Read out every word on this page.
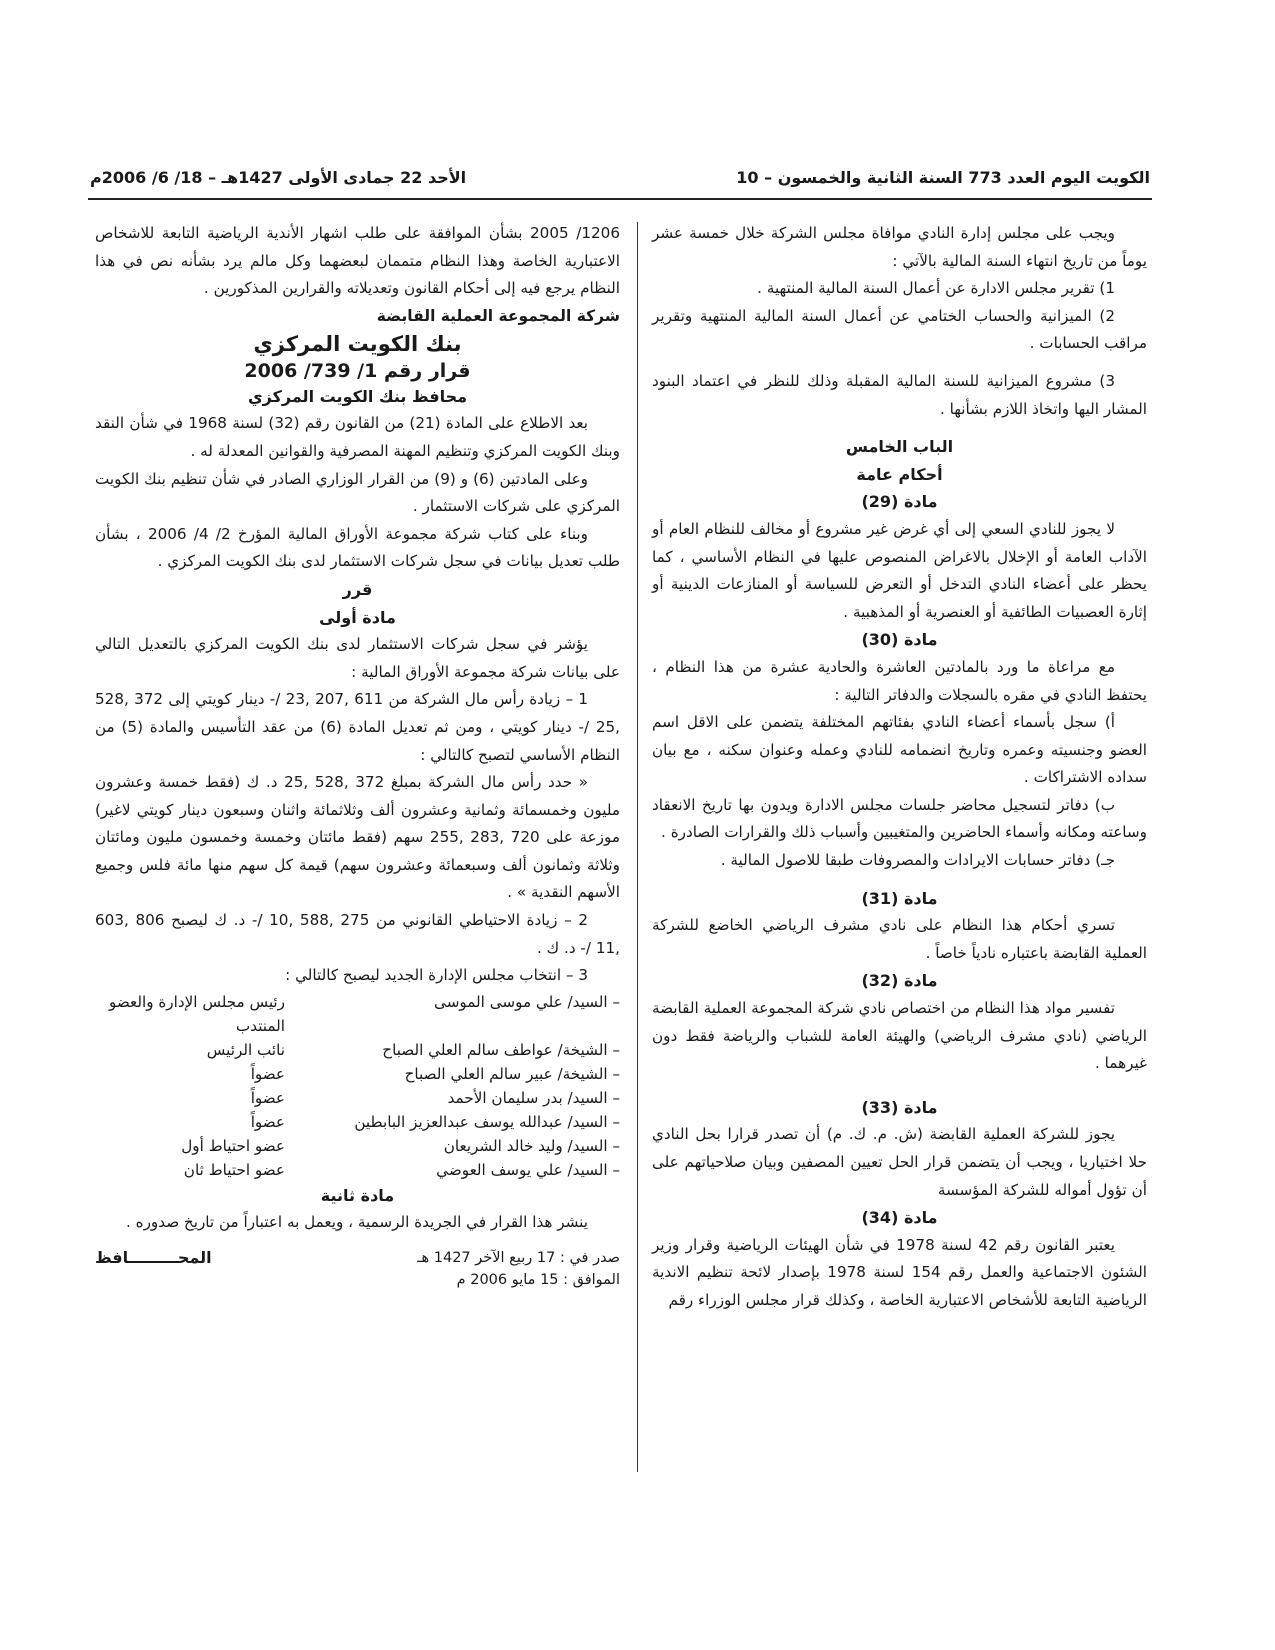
الكويت اليوم العدد 773 السنة الثانية والخمسون – 10
الأحد 22 جمادى الأولى 1427هـ – 18/ 6/ 2006م

ويجب على مجلس إدارة النادي موافاة مجلس الشركة خلال خمسة عشر يوماً من تاريخ انتهاء السنة المالية بالآتي :

1) تقرير مجلس الادارة عن أعمال السنة المالية المنتهية .

2) الميزانية والحساب الختامي عن أعمال السنة المالية المنتهية وتقرير مراقب الحسابات .

3) مشروع الميزانية للسنة المالية المقبلة وذلك للنظر في اعتماد البنود المشار اليها واتخاذ اللازم بشأنها .

الباب الخامس

أحكام عامة

مادة (29)

لا يجوز للنادي السعي إلى أي غرض غير مشروع أو مخالف للنظام العام أو الآداب العامة أو الإخلال بالاغراض المنصوص عليها في النظام الأساسي ، كما يحظر على أعضاء النادي التدخل أو التعرض للسياسة أو المنازعات الدينية أو إثارة العصبيات الطائفية أو العنصرية أو المذهبية .

مادة (30)

مع مراعاة ما ورد بالمادتين العاشرة والحادية عشرة من هذا النظام ، يحتفظ النادي في مقره بالسجلات والدفاتر التالية :

أ) سجل بأسماء أعضاء النادي بفئاتهم المختلفة يتضمن على الاقل اسم العضو وجنسيته وعمره وتاريخ انضمامه للنادي وعمله وعنوان سكنه ، مع بيان سداده الاشتراكات .

ب) دفاتر لتسجيل محاضر جلسات مجلس الادارة ويدون بها تاريخ الانعقاد وساعته ومكانه وأسماء الحاضرين والمتغيبين وأسباب ذلك والقرارات الصادرة .

جـ) دفاتر حسابات الايرادات والمصروفات طبقا للاصول المالية .

مادة (31)

تسري أحكام هذا النظام على نادي مشرف الرياضي الخاضع للشركة العملية القابضة باعتباره نادياً خاصاً .

مادة (32)

تفسير مواد هذا النظام من اختصاص نادي شركة المجموعة العملية القابضة الرياضي (نادي مشرف الرياضي) والهيئة العامة للشباب والرياضة فقط دون غيرهما .

مادة (33)

يجوز للشركة العملية القابضة (ش. م. ك. م) أن تصدر قرارا بحل النادي حلا اختياريا ، ويجب أن يتضمن قرار الحل تعيين المصفين وبيان صلاحياتهم على أن تؤول أمواله للشركة المؤسسة

مادة (34)

يعتبر القانون رقم 42 لسنة 1978 في شأن الهيئات الرياضية وقرار وزير الشئون الاجتماعية والعمل رقم 154 لسنة 1978 بإصدار لائحة تنظيم الاندية الرياضية التابعة للأشخاص الاعتبارية الخاصة ، وكذلك قرار مجلس الوزراء رقم

1206/ 2005 بشأن الموافقة على طلب اشهار الأندية الرياضية التابعة للاشخاص الاعتبارية الخاصة وهذا النظام متممان لبعضهما وكل مالم يرد بشأنه نص في هذا النظام يرجع فيه إلى أحكام القانون وتعديلاته والقرارين المذكورين .

شركة المجموعة العملية القابضة

بنك الكويت المركزي

قرار رقم 1/ 739/ 2006

محافظ بنك الكويت المركزي

بعد الاطلاع على المادة (21) من القانون رقم (32) لسنة 1968 في شأن النقد وبنك الكويت المركزي وتنظيم المهنة المصرفية والقوانين المعدلة له .

وعلى المادتين (6) و (9) من القرار الوزاري الصادر في شأن تنظيم بنك الكويت المركزي على شركات الاستثمار .

وبناء على كتاب شركة مجموعة الأوراق المالية المؤرخ 2/ 4/ 2006 ، بشأن طلب تعديل بيانات في سجل شركات الاستثمار لدى بنك الكويت المركزي .

قرر

مادة أولى

يؤشر في سجل شركات الاستثمار لدى بنك الكويت المركزي بالتعديل التالي على بيانات شركة مجموعة الأوراق المالية :

1 – زيادة رأس مال الشركة من 611 ,207 ,23 /- دينار كويتي إلى 372 ,528 ,25 /- دينار كويتي ، ومن ثم تعديل المادة (6) من عقد التأسيس والمادة (5) من النظام الأساسي لتصبح كالتالي :

« حدد رأس مال الشركة بمبلغ 372 ,528 ,25 د. ك (فقط خمسة وعشرون مليون وخمسمائة وثمانية وعشرون ألف وثلاثمائة واثنان وسبعون دينار كويتي لاغير) موزعة على 720 ,283 ,255 سهم (فقط مائتان وخمسة وخمسون مليون ومائتان وثلاثة وثمانون ألف وسبعمائة وعشرون سهم) قيمة كل سهم منها مائة فلس وجميع الأسهم النقدية » .

2 – زيادة الاحتياطي القانوني من 275 ,588 ,10 /- د. ك ليصبح 806 ,603 ,11 /- د. ك .

3 – انتخاب مجلس الإدارة الجديد ليصبح كالتالي :

– السيد/ علي موسى الموسى
رئيس مجلس الإدارة والعضو المنتدب
– الشيخة/ عواطف سالم العلي الصباح
نائب الرئيس
– الشيخة/ عبير سالم العلي الصباح
عضواً
– السيد/ بدر سليمان الأحمد
عضواً
– السيد/ عبدالله يوسف عبدالعزيز البابطين
عضواً
– السيد/ وليد خالد الشريعان
عضو احتياط أول
– السيد/ علي يوسف العوضي
عضو احتياط ثان

مادة ثانية

ينشر هذا القرار في الجريدة الرسمية ، ويعمل به اعتباراً من تاريخ صدوره .

صدر في : 17 ربيع الآخر 1427 هـ
الموافق : 15 مايو 2006 م
المحـــــــــافظ
